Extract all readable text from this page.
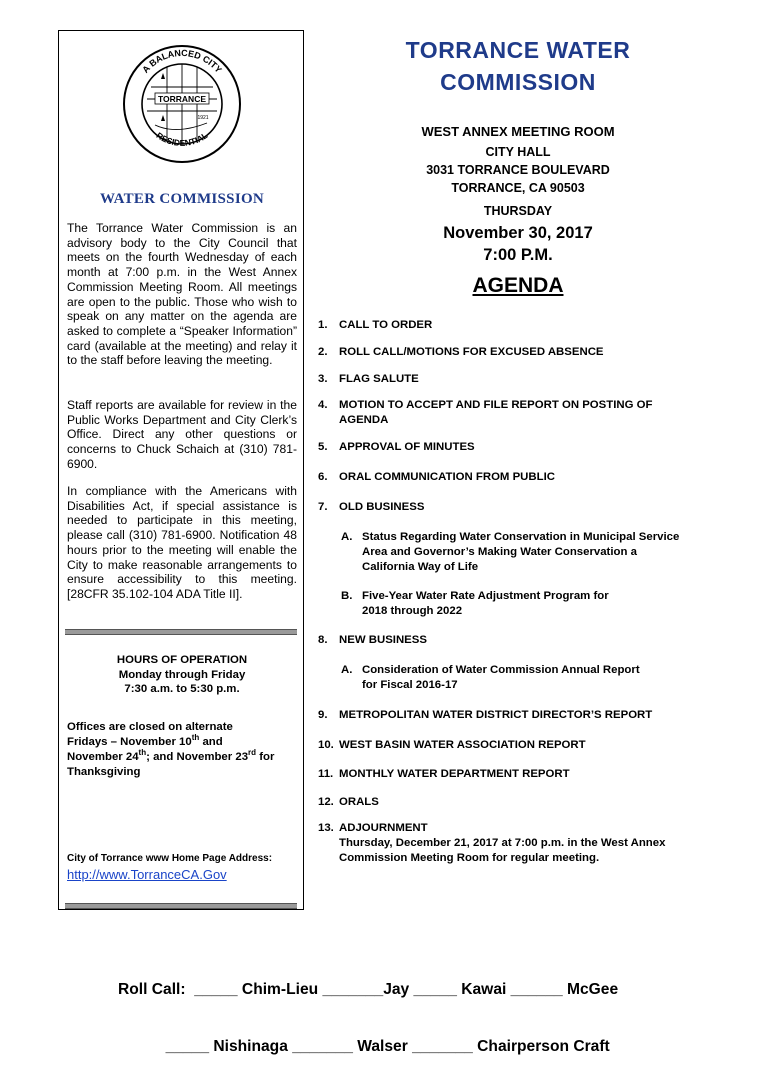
A BALANCED CITY
RESIDENTIAL
TORRANCE
1921
WATER COMMISSION

The Torrance Water Commission is an advisory body to the City Council that meets on the fourth Wednesday of each month at 7:00 p.m. in the West Annex Commission Meeting Room. All meetings are open to the public. Those who wish to speak on any matter on the agenda are asked to complete a “Speaker Information” card (available at the meeting) and relay it to the staff before leaving the meeting.

Staff reports are available for review in the Public Works Department and City Clerk’s Office. Direct any other questions or concerns to Chuck Schaich at (310) 781-6900.

In compliance with the Americans with Disabilities Act, if special assistance is needed to participate in this meeting, please call (310) 781-6900. Notification 48 hours prior to the meeting will enable the City to make reasonable arrangements to ensure accessibility to this meeting. [28CFR 35.102-104 ADA Title II].

HOURS OF OPERATION
Monday through Friday
7:30 a.m. to 5:30 p.m.
Offices are closed on alternate
Fridays – November 10th and
November 24th; and November 23rd for
Thanksgiving
City of Torrance www Home Page Address:
http://www.TorranceCA.Gov
TORRANCE WATER
COMMISSION
WEST ANNEX MEETING ROOM
CITY HALL
3031 TORRANCE BOULEVARD
TORRANCE, CA 90503
THURSDAY
November 30, 2017
7:00 P.M.
AGENDA
1. CALL TO ORDER
2. ROLL CALL/MOTIONS FOR EXCUSED ABSENCE
3. FLAG SALUTE
4. MOTION TO ACCEPT AND FILE REPORT ON POSTING OF AGENDA
5. APPROVAL OF MINUTES
6. ORAL COMMUNICATION FROM PUBLIC
7. OLD BUSINESS
A. Status Regarding Water Conservation in Municipal Service
Area and Governor’s Making Water Conservation a
California Way of Life
B. Five-Year Water Rate Adjustment Program for
2018 through 2022
8. NEW BUSINESS
A. Consideration of Water Commission Annual Report
for Fiscal 2016-17
9. METROPOLITAN WATER DISTRICT DIRECTOR’S REPORT
10. WEST BASIN WATER ASSOCIATION REPORT
11. MONTHLY WATER DEPARTMENT REPORT
12. ORALS
13. ADJOURNMENT
Thursday, December 21, 2017 at 7:00 p.m. in the West Annex
Commission Meeting Room for regular meeting.

Roll Call:  _____ Chim-Lieu _______Jay _____ Kawai ______ McGee

_____ Nishinaga _______ Walser _______ Chairperson Craft
